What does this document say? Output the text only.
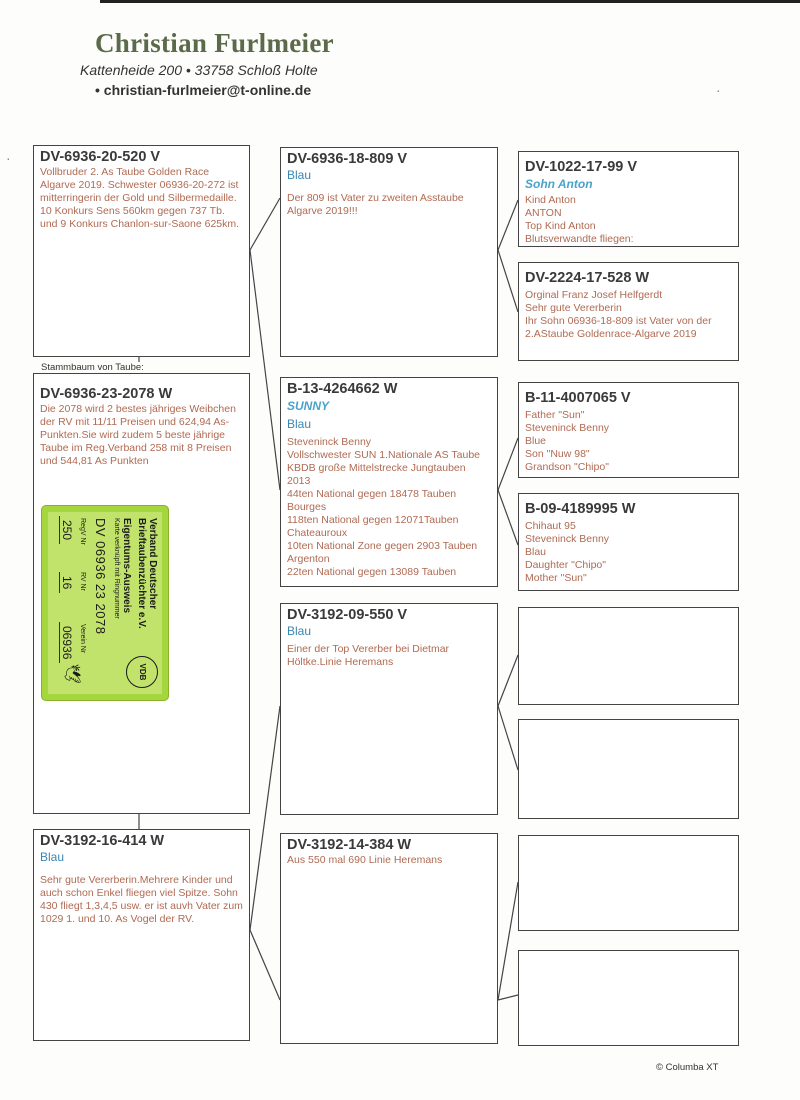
Christian Furlmeier
Kattenheide 200 • 33758 Schloß Holte
• christian-furlmeier@t-online.de
DV-6936-20-520 V
Vollbruder 2. As Taube Golden Race Algarve 2019. Schwester 06936-20-272 ist mitterringerin der Gold und Silbermedaille. 10 Konkurs Sens 560km gegen 737 Tb. und 9 Konkurs Chanlon-sur-Saone 625km.
Stammbaum von Taube:
DV-6936-23-2078 W
Die 2078 wird 2 bestes jähriges Weibchen der RV mit 11/11 Preisen und 624,94 As-Punkten.Sie wird zudem 5 beste jährige Taube im Reg.Verband 258 mit 8 Preisen und 544,81 As Punkten
DV-3192-16-414 W
Blau
Sehr gute Vererberin.Mehrere Kinder und auch schon Enkel fliegen viel Spitze. Sohn 430 fliegt 1,3,4,5 usw. er ist auvh Vater zum 1029 1. und 10. As Vogel der RV.
DV-6936-18-809 V
Blau
Der 809 ist Vater zu zweiten Asstaube Algarve 2019!!!
B-13-4264662 W
SUNNY
Blau
Steveninck Benny
Vollschwester SUN 1.Nationale AS Taube KBDB große Mittelstrecke Jungtauben 2013
44ten National gegen 18478 Tauben Bourges
118ten National gegen 12071Tauben Chateauroux
10ten National Zone gegen 2903 Tauben Argenton
22ten National gegen 13089 Tauben
DV-3192-09-550 V
Blau
Einer der Top Vererber bei Dietmar Höltke.Linie Heremans
DV-3192-14-384 W
Aus 550 mal 690 Linie Heremans
DV-1022-17-99 V
Sohn Anton
Kind Anton
ANTON
Top Kind Anton
Blutsverwandte fliegen:
DV-2224-17-528 W
Orginal Franz Josef Helfgerdt
Sehr gute Vererberin
Ihr Sohn 06936-18-809 ist Vater von der 2.AStaube Goldenrace-Algarve 2019
B-11-4007065 V
Father "Sun"
Steveninck Benny
Blue
Son "Nuw 98"
Grandson "Chipo"
B-09-4189995 W
Chihaut 95
Steveninck Benny
Blau
Daughter "Chipo"
Mother "Sun"
Verband Deutscher Brieftaubenzüchter e.V.
VDB
Eigentums-Ausweis
Karte verknüpft mit Ringnummer
DV 06936 23 2078
RegV Nr
RV Nr
Verein Nr
250
16
06936
🕊
·
·
© Columba XT
